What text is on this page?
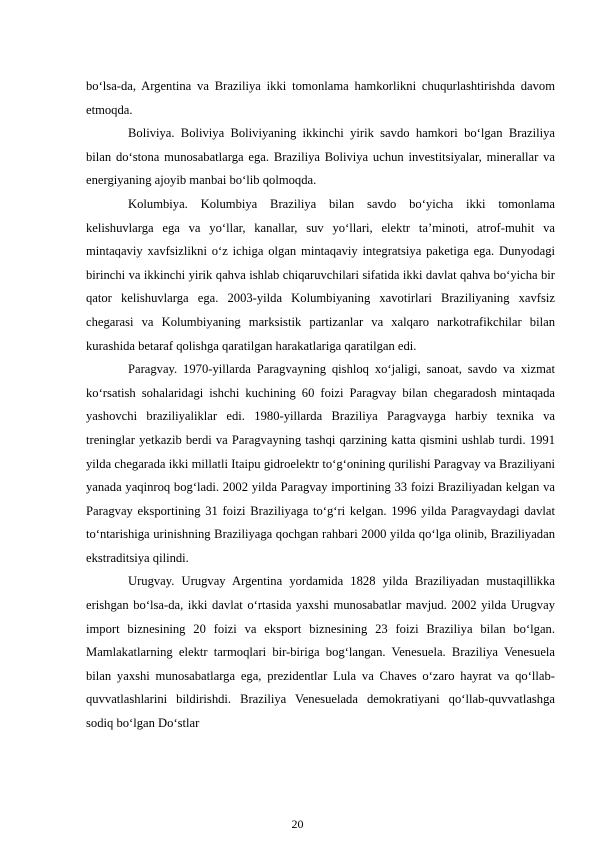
bo‘lsa-da, Argentina va Braziliya ikki tomonlama hamkorlikni chuqurlashtirishda davom etmoqda.

Boliviya. Boliviya Boliviyaning ikkinchi yirik savdo hamkori bo‘lgan Braziliya bilan do‘stona munosabatlarga ega. Braziliya Boliviya uchun investitsiyalar, minerallar va energiyaning ajoyib manbai bo‘lib qolmoqda.

Kolumbiya. Kolumbiya Braziliya bilan savdo bo‘yicha ikki tomonlama kelishuvlarga ega va yo‘llar, kanallar, suv yo‘llari, elektr ta’minoti, atrof-muhit va mintaqaviy xavfsizlikni o‘z ichiga olgan mintaqaviy integratsiya paketiga ega. Dunyodagi birinchi va ikkinchi yirik qahva ishlab chiqaruvchilari sifatida ikki davlat qahva bo‘yicha bir qator kelishuvlarga ega. 2003-yilda Kolumbiyaning xavotirlari Braziliyaning xavfsiz chegarasi va Kolumbiyaning marksistik partizanlar va xalqaro narkotrafikchilar bilan kurashida betaraf qolishga qaratilgan harakatlariga qaratilgan edi.

Paragvay. 1970-yillarda Paragvayning qishloq xo‘jaligi, sanoat, savdo va xizmat ko‘rsatish sohalaridagi ishchi kuchining 60 foizi Paragvay bilan chegaradosh mintaqada yashovchi braziliyaliklar edi. 1980-yillarda Braziliya Paragvayga harbiy texnika va treninglar yetkazib berdi va Paragvayning tashqi qarzining katta qismini ushlab turdi. 1991 yilda chegarada ikki millatli Itaipu gidroelektr to‘g‘onining qurilishi Paragvay va Braziliyani yanada yaqinroq bog‘ladi. 2002 yilda Paragvay importining 33 foizi Braziliyadan kelgan va Paragvay eksportining 31 foizi Braziliyaga to‘g‘ri kelgan. 1996 yilda Paragvaydagi davlat to‘ntarishiga urinishning Braziliyaga qochgan rahbari 2000 yilda qo‘lga olinib, Braziliyadan ekstraditsiya qilindi.

Urugvay. Urugvay Argentina yordamida 1828 yilda Braziliyadan mustaqillikka erishgan bo‘lsa-da, ikki davlat o‘rtasida yaxshi munosabatlar mavjud. 2002 yilda Urugvay import biznesining 20 foizi va eksport biznesining 23 foizi Braziliya bilan bo‘lgan. Mamlakatlarning elektr tarmoqlari bir-biriga bog‘langan. Venesuela. Braziliya Venesuela bilan yaxshi munosabatlarga ega, prezidentlar Lula va Chaves o‘zaro hayrat va qo‘llab-quvvatlashlarini bildirishdi. Braziliya Venesuelada demokratiyani qo‘llab-quvvatlashga sodiq bo‘lgan Do‘stlar

20
